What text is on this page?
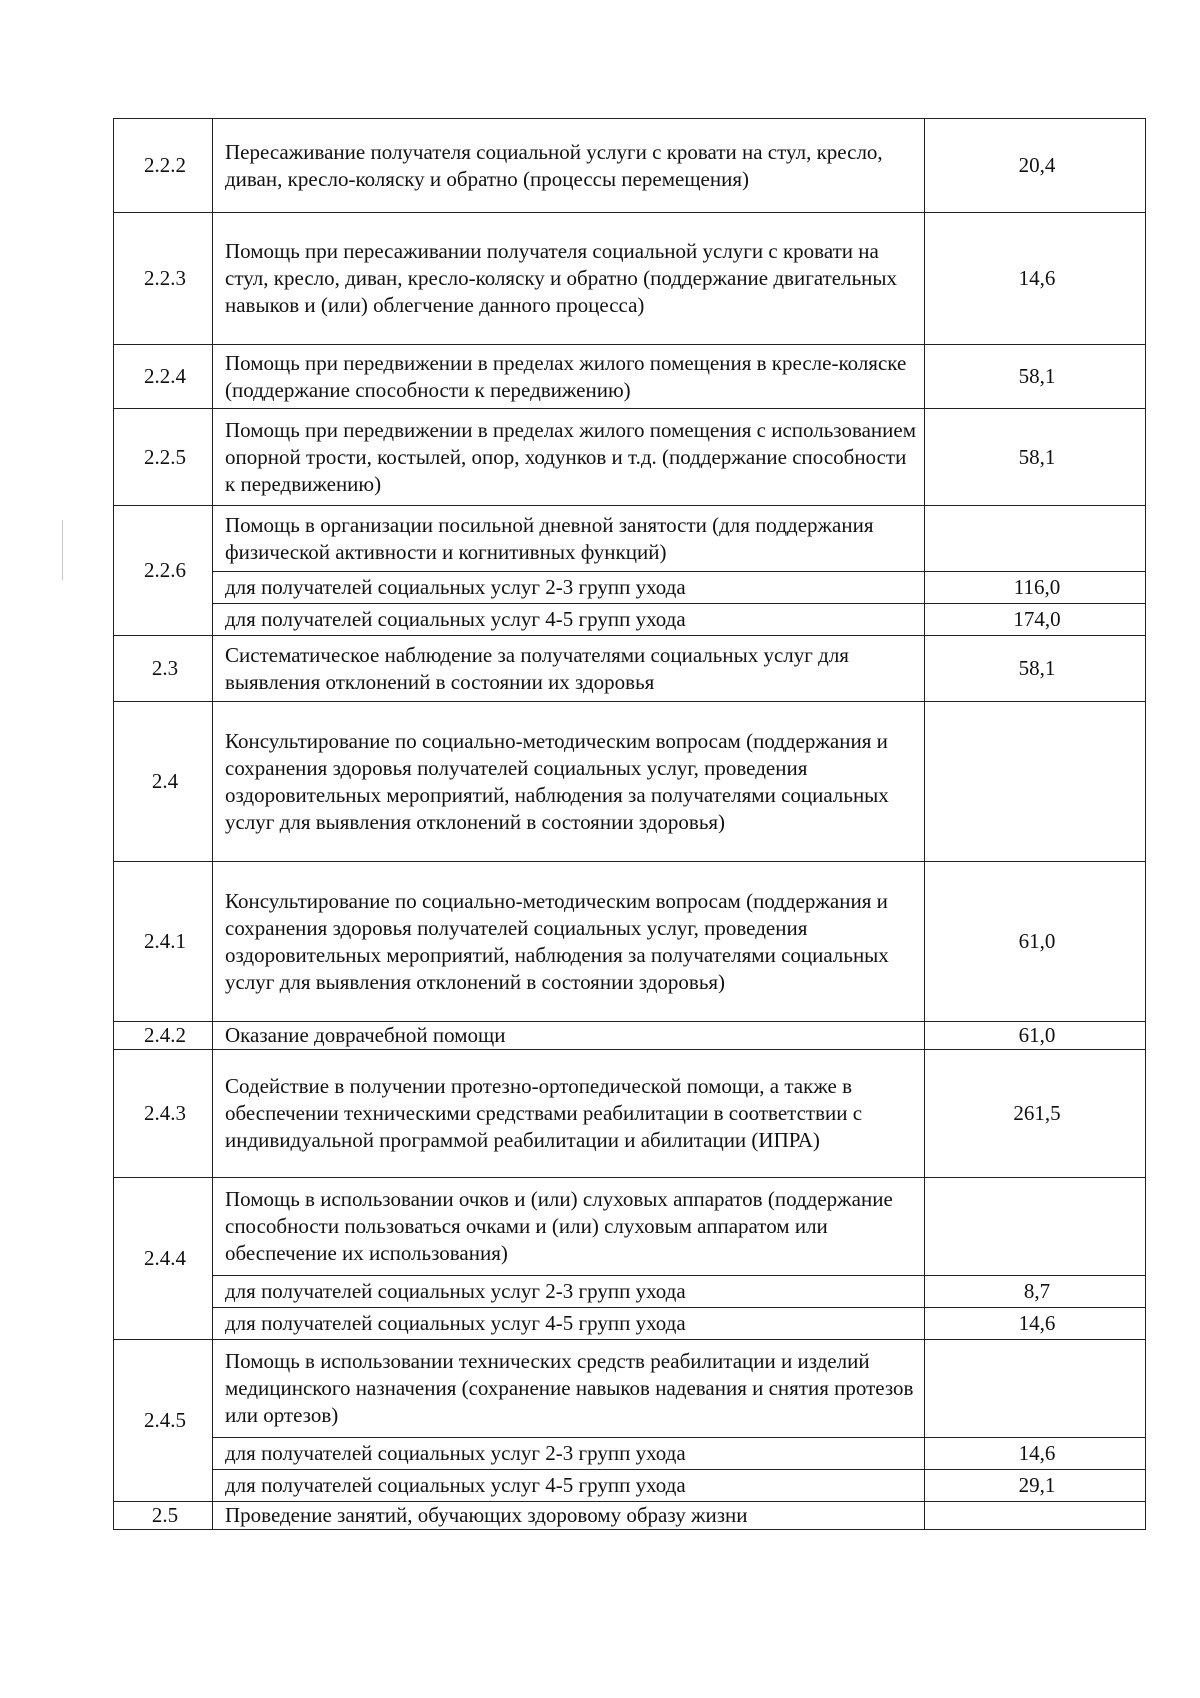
2.2.2	Пересаживание получателя социальной услуги с кровати на стул, кресло, диван, кресло-коляску и обратно (процессы перемещения)	20,4
2.2.3	Помощь при пересаживании получателя социальной услуги с кровати на стул, кресло, диван, кресло-коляску и обратно (поддержание двигательных навыков и (или) облегчение данного процесса)	14,6
2.2.4	Помощь при передвижении в пределах жилого помещения в кресле-коляске (поддержание способности к передвижению)	58,1
2.2.5	Помощь при передвижении в пределах жилого помещения с использованием опорной трости, костылей, опор, ходунков и т.д. (поддержание способности к передвижению)	58,1
2.2.6	Помощь в организации посильной дневной занятости (для поддержания физической активности и когнитивных функций)	
	для получателей социальных услуг 2-3 групп ухода	116,0
	для получателей социальных услуг 4-5 групп ухода	174,0
2.3	Систематическое наблюдение за получателями социальных услуг для выявления отклонений в состоянии их здоровья	58,1
2.4	Консультирование по социально-методическим вопросам (поддержания и сохранения здоровья получателей социальных услуг, проведения оздоровительных мероприятий, наблюдения за получателями социальных услуг для выявления отклонений в состоянии здоровья)	
2.4.1	Консультирование по социально-методическим вопросам (поддержания и сохранения здоровья получателей социальных услуг, проведения оздоровительных мероприятий, наблюдения за получателями социальных услуг для выявления отклонений в состоянии здоровья)	61,0
2.4.2	Оказание доврачебной помощи	61,0
2.4.3	Содействие в получении протезно-ортопедической помощи, а также в обеспечении техническими средствами реабилитации в соответствии с индивидуальной программой реабилитации и абилитации (ИПРА)	261,5
2.4.4	Помощь в использовании очков и (или) слуховых аппаратов (поддержание способности пользоваться очками и (или) слуховым аппаратом или обеспечение их использования)	
	для получателей социальных услуг 2-3 групп ухода	8,7
	для получателей социальных услуг 4-5 групп ухода	14,6
2.4.5	Помощь в использовании технических средств реабилитации и изделий медицинского назначения (сохранение навыков надевания и снятия протезов или ортезов)	
	для получателей социальных услуг 2-3 групп ухода	14,6
	для получателей социальных услуг 4-5 групп ухода	29,1
2.5	Проведение занятий, обучающих здоровому образу жизни	
